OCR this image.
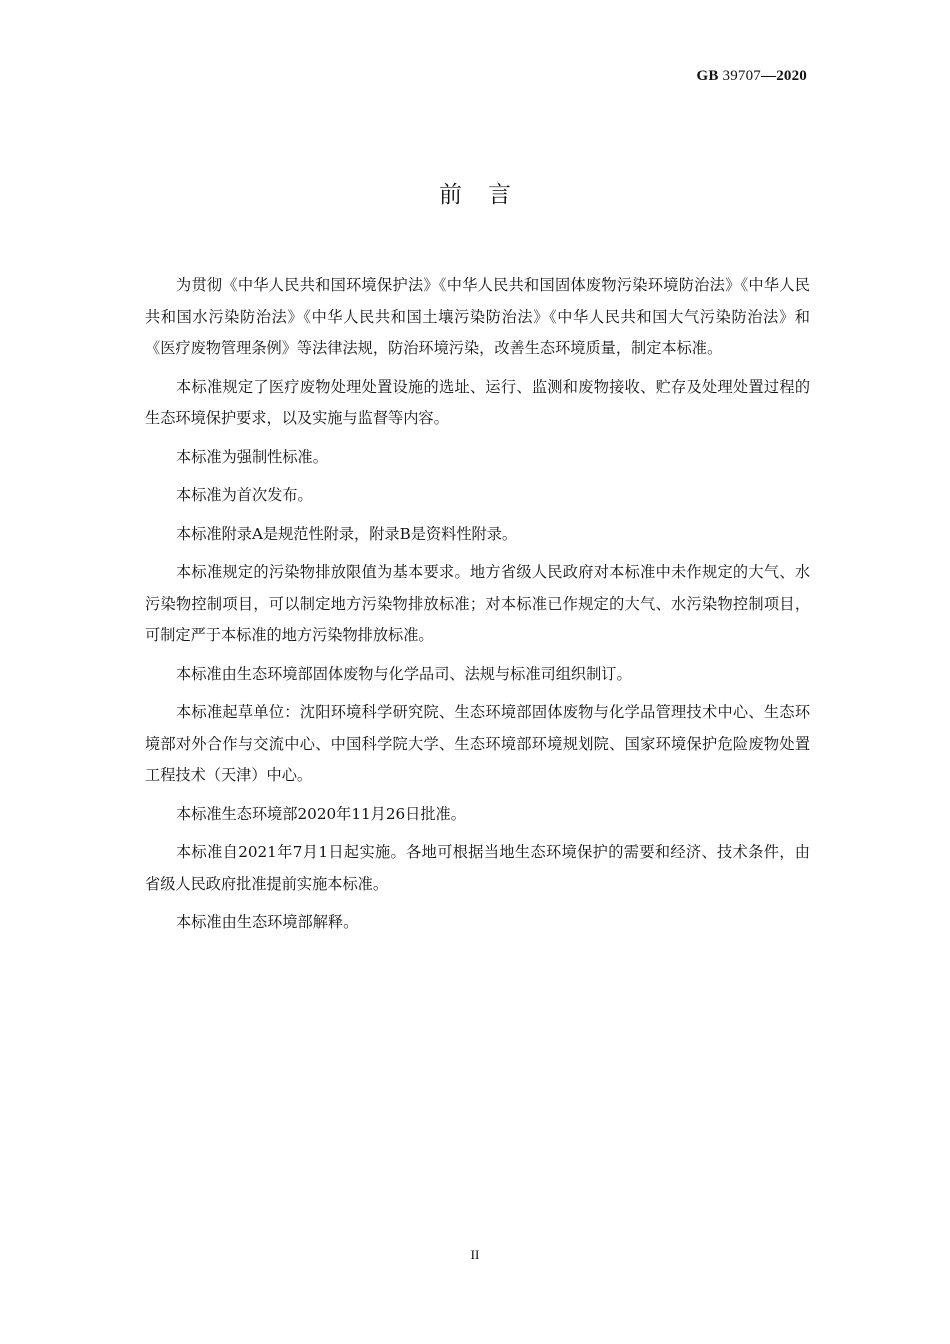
GB 39707—2020
前言

为贯彻《中华人民共和国环境保护法》《中华人民共和国固体废物污染环境防治法》《中华人民共和国水污染防治法》《中华人民共和国土壤污染防治法》《中华人民共和国大气污染防治法》和《医疗废物管理条例》等法律法规，防治环境污染，改善生态环境质量，制定本标准。

本标准规定了医疗废物处理处置设施的选址、运行、监测和废物接收、贮存及处理处置过程的生态环境保护要求，以及实施与监督等内容。

本标准为强制性标准。

本标准为首次发布。

本标准附录A是规范性附录，附录B是资料性附录。

本标准规定的污染物排放限值为基本要求。地方省级人民政府对本标准中未作规定的大气、水污染物控制项目，可以制定地方污染物排放标准；对本标准已作规定的大气、水污染物控制项目，可制定严于本标准的地方污染物排放标准。

本标准由生态环境部固体废物与化学品司、法规与标准司组织制订。

本标准起草单位：沈阳环境科学研究院、生态环境部固体废物与化学品管理技术中心、生态环境部对外合作与交流中心、中国科学院大学、生态环境部环境规划院、国家环境保护危险废物处置工程技术（天津）中心。

本标准生态环境部2020年11月26日批准。

本标准自2021年7月1日起实施。各地可根据当地生态环境保护的需要和经济、技术条件，由省级人民政府批准提前实施本标准。

本标准由生态环境部解释。

II
